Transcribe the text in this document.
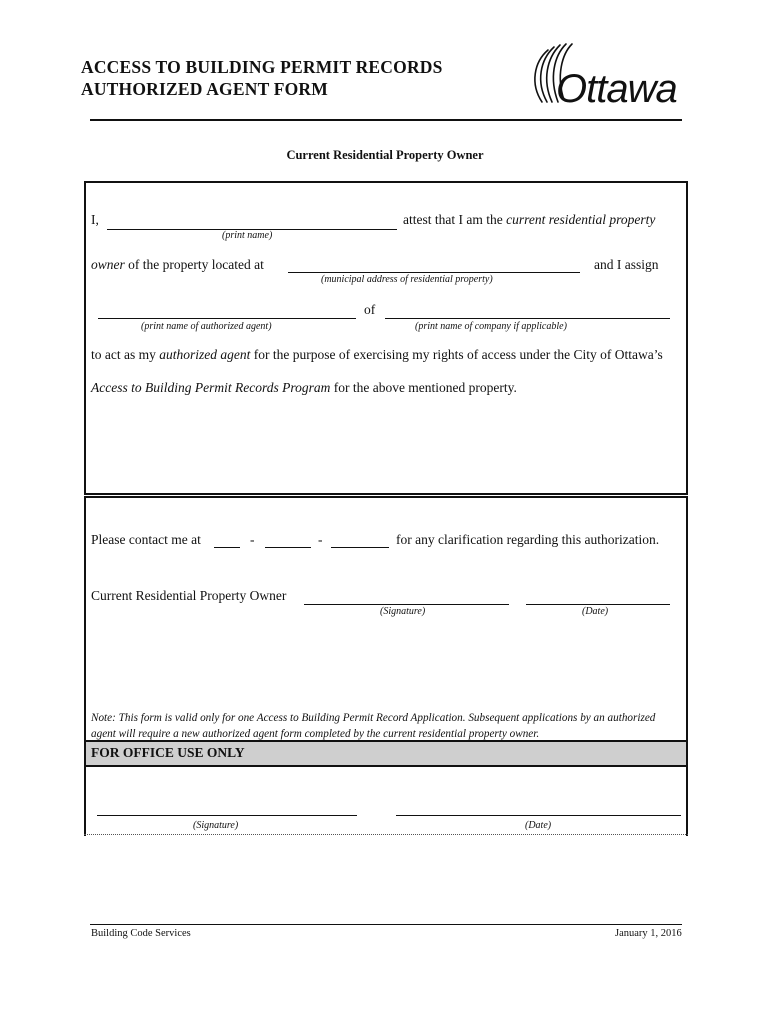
ACCESS TO BUILDING PERMIT RECORDS
AUTHORIZED AGENT FORM	Ottawa
Current Residential Property Owner
I,	attest that I am the current residential property
(print name)
owner of the property located at	and I assign
(municipal address of residential property)
of
(print name of authorized agent)	(print name of company if applicable)
to act as my authorized agent for the purpose of exercising my rights of access under the City of Ottawa’s
Access to Building Permit Records Program for the above mentioned property.
Please contact me at	-	-	for any clarification regarding this authorization.
Current Residential Property Owner
(Signature)	(Date)
Note: This form is valid only for one Access to Building Permit Record Application. Subsequent applications by an authorized agent will require a new authorized agent form completed by the current residential property owner.
FOR OFFICE USE ONLY
(Signature)	(Date)
Building Code Services	January 1, 2016
